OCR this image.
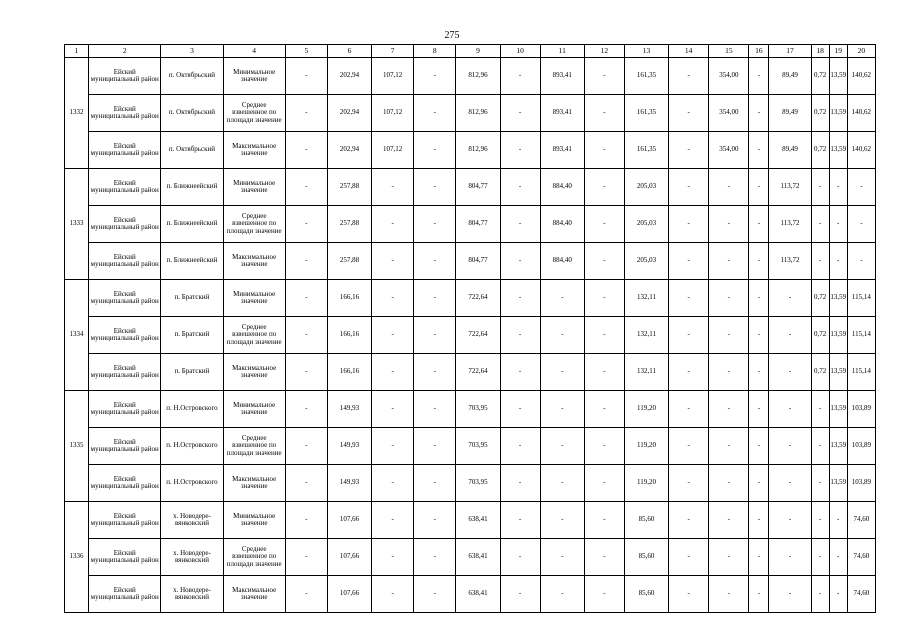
275
1	2	3	4	5	6	7	8	9	10	11	12	13	14	15	16	17	18	19	20
1332	Ейский муниципальный район	п. Октябрьский	Минимальное значение	-	202,94	107,12	-	812,96	-	893,41	-	161,35	-	354,00	-	89,49	0,72	13,59	140,62
	Ейский муниципальный район	п. Октябрьский	Среднее взвешенное по площади значение	-	202,94	107,12	-	812,96	-	893,41	-	161,35	-	354,00	-	89,49	0,72	13,59	140,62
	Ейский муниципальный район	п. Октябрьский	Максимальное значение	-	202,94	107,12	-	812,96	-	893,41	-	161,35	-	354,00	-	89,49	0,72	13,59	140,62
1333	Ейский муниципальный район	п. Ближнеейский	Минимальное значение	-	257,88	-	-	804,77	-	884,40	-	205,03	-	-	-	113,72	-	-	-
	Ейский муниципальный район	п. Ближнеейский	Среднее взвешенное по площади значение	-	257,88	-	-	804,77	-	884,40	-	205,03	-	-	-	113,72	-	-	-
	Ейский муниципальный район	п. Ближнеейский	Максимальное значение	-	257,88	-	-	804,77	-	884,40	-	205,03	-	-	-	113,72	-	-	-
1334	Ейский муниципальный район	п. Братский	Минимальное значение	-	166,16	-	-	722,64	-	-	-	132,11	-	-	-	-	0,72	13,59	115,14
	Ейский муниципальный район	п. Братский	Среднее взвешенное по площади значение	-	166,16	-	-	722,64	-	-	-	132,11	-	-	-	-	0,72	13,59	115,14
	Ейский муниципальный район	п. Братский	Максимальное значение	-	166,16	-	-	722,64	-	-	-	132,11	-	-	-	-	0,72	13,59	115,14
1335	Ейский муниципальный район	п. Н.Островского	Минимальное значение	-	149,93	-	-	703,95	-	-	-	119,20	-	-	-	-	-	13,59	103,89
	Ейский муниципальный район	п. Н.Островского	Среднее взвешенное по площади значение	-	149,93	-	-	703,95	-	-	-	119,20	-	-	-	-	-	13,59	103,89
	Ейский муниципальный район	п. Н.Островского	Максимальное значение	-	149,93	-	-	703,95	-	-	-	119,20	-	-	-	-	-	13,59	103,89
1336	Ейский муниципальный район	х. Новодере-вянковский	Минимальное значение	-	107,66	-	-	638,41	-	-	-	85,60	-	-	-	-	-	-	74,60
	Ейский муниципальный район	х. Новодере-вянковский	Среднее взвешенное по площади значение	-	107,66	-	-	638,41	-	-	-	85,60	-	-	-	-	-	-	74,60
	Ейский муниципальный район	х. Новодере-вянковский	Максимальное значение	-	107,66	-	-	638,41	-	-	-	85,60	-	-	-	-	-	-	74,60
